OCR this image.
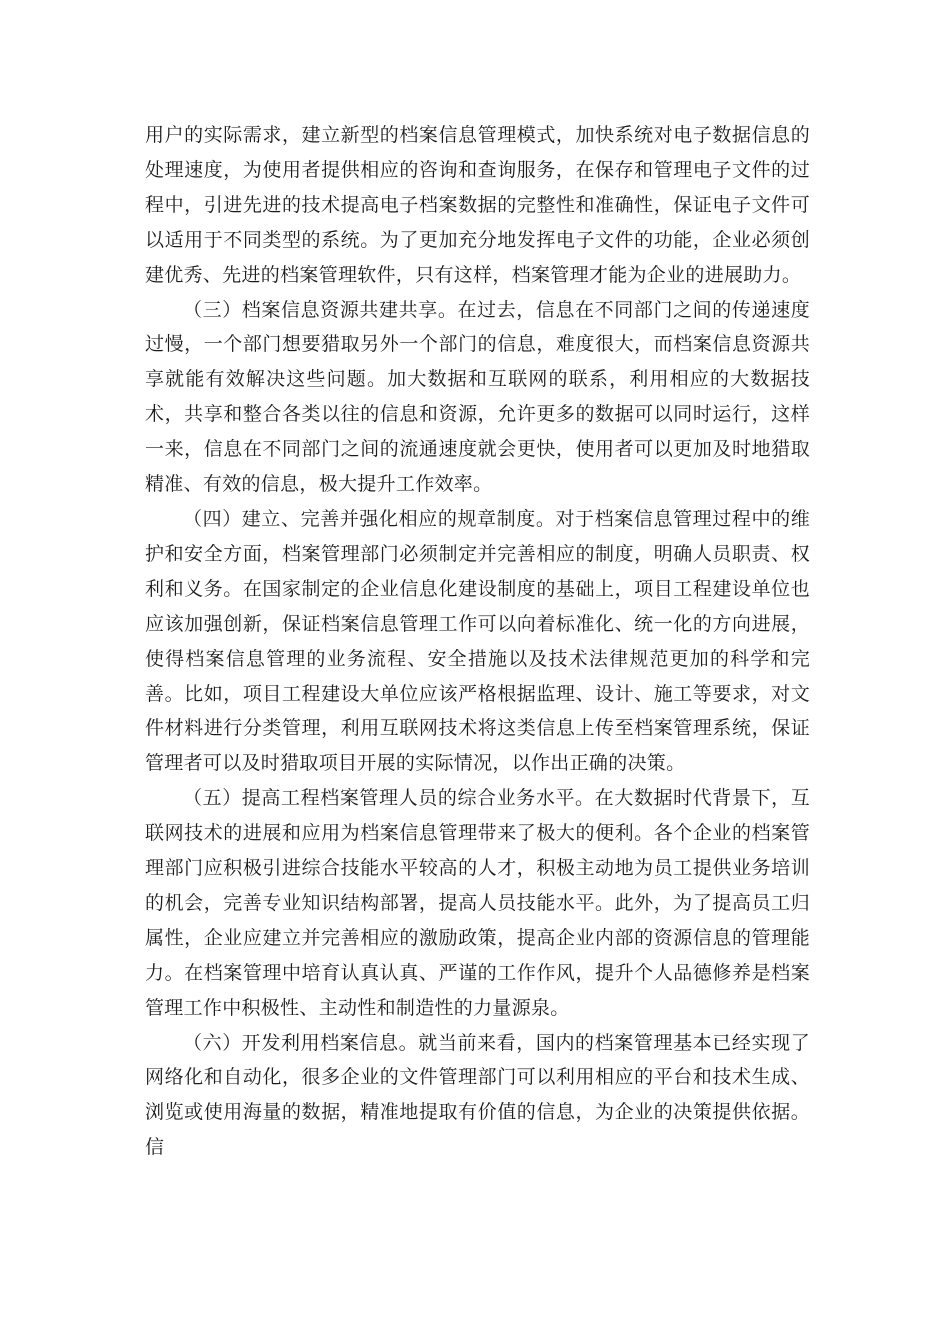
用户的实际需求，建立新型的档案信息管理模式，加快系统对电子数据信息的处理速度，为使用者提供相应的咨询和查询服务，在保存和管理电子文件的过程中，引进先进的技术提高电子档案数据的完整性和准确性，保证电子文件可以适用于不同类型的系统。为了更加充分地发挥电子文件的功能，企业必须创建优秀、先进的档案管理软件，只有这样，档案管理才能为企业的进展助力。

（三）档案信息资源共建共享。在过去，信息在不同部门之间的传递速度过慢，一个部门想要猎取另外一个部门的信息，难度很大，而档案信息资源共享就能有效解决这些问题。加大数据和互联网的联系，利用相应的大数据技术，共享和整合各类以往的信息和资源，允许更多的数据可以同时运行，这样一来，信息在不同部门之间的流通速度就会更快，使用者可以更加及时地猎取精准、有效的信息，极大提升工作效率。

（四）建立、完善并强化相应的规章制度。对于档案信息管理过程中的维护和安全方面，档案管理部门必须制定并完善相应的制度，明确人员职责、权利和义务。在国家制定的企业信息化建设制度的基础上，项目工程建设单位也应该加强创新，保证档案信息管理工作可以向着标准化、统一化的方向进展，使得档案信息管理的业务流程、安全措施以及技术法律规范更加的科学和完善。比如，项目工程建设大单位应该严格根据监理、设计、施工等要求，对文件材料进行分类管理，利用互联网技术将这类信息上传至档案管理系统，保证管理者可以及时猎取项目开展的实际情况，以作出正确的决策。

（五）提高工程档案管理人员的综合业务水平。在大数据时代背景下，互联网技术的进展和应用为档案信息管理带来了极大的便利。各个企业的档案管理部门应积极引进综合技能水平较高的人才，积极主动地为员工提供业务培训的机会，完善专业知识结构部署，提高人员技能水平。此外，为了提高员工归属性，企业应建立并完善相应的激励政策，提高企业内部的资源信息的管理能力。在档案管理中培育认真认真、严谨的工作作风，提升个人品德修养是档案管理工作中积极性、主动性和制造性的力量源泉。

（六）开发利用档案信息。就当前来看，国内的档案管理基本已经实现了网络化和自动化，很多企业的文件管理部门可以利用相应的平台和技术生成、浏览或使用海量的数据，精准地提取有价值的信息，为企业的决策提供依据。信
